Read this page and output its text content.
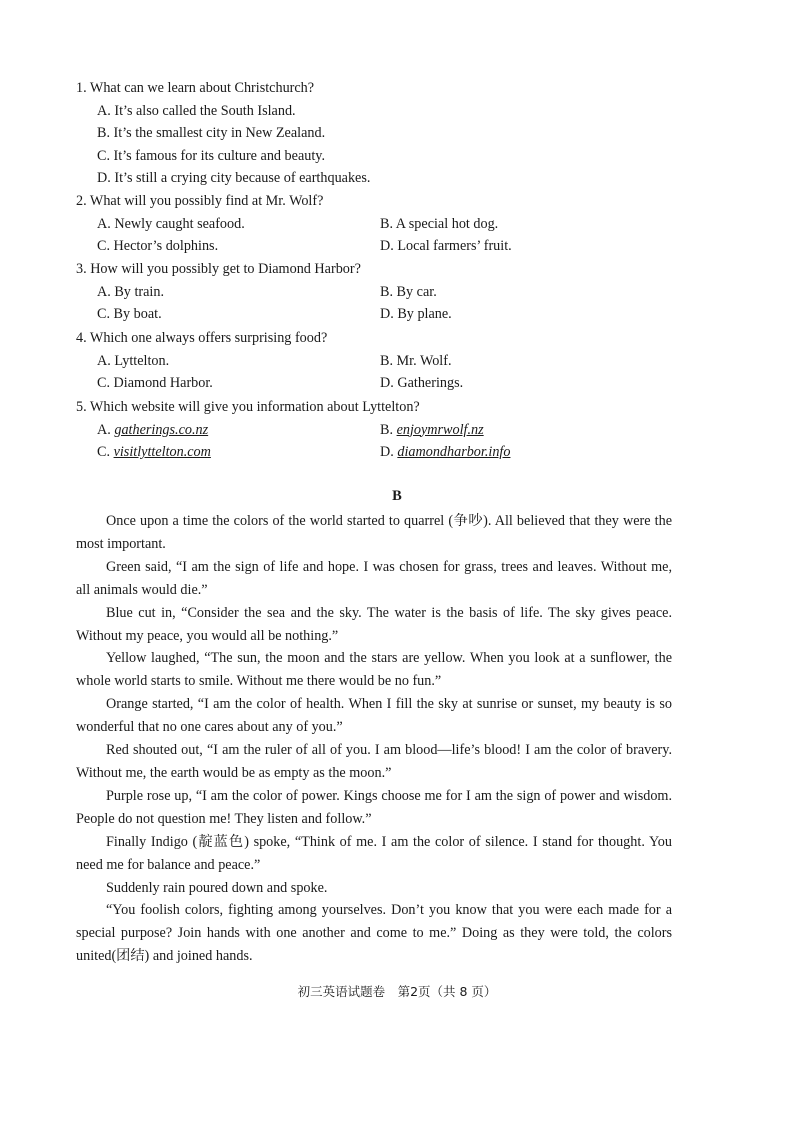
1. What can we learn about Christchurch?
A. It’s also called the South Island.
B. It’s the smallest city in New Zealand.
C. It’s famous for its culture and beauty.
D. It’s still a crying city because of earthquakes.
2. What will you possibly find at Mr. Wolf?
A. Newly caught seafood.	B. A special hot dog.
C. Hector’s dolphins.	D. Local farmers’ fruit.
3. How will you possibly get to Diamond Harbor?
A. By train.	B. By car.
C. By boat.	D. By plane.
4. Which one always offers surprising food?
A. Lyttelton.	B. Mr. Wolf.
C. Diamond Harbor.	D. Gatherings.
5. Which website will give you information about Lyttelton?
A. gatherings.co.nz	B. enjoymrwolf.nz
C. visitlyttelton.com	D. diamondharbor.info
B

Once upon a time the colors of the world started to quarrel (争吵). All believed that they were the most important.

Green said, “I am the sign of life and hope. I was chosen for grass, trees and leaves. Without me, all animals would die.”

Blue cut in, “Consider the sea and the sky. The water is the basis of life. The sky gives peace. Without my peace, you would all be nothing.”

Yellow laughed, “The sun, the moon and the stars are yellow. When you look at a sunflower, the whole world starts to smile. Without me there would be no fun.”

Orange started, “I am the color of health. When I fill the sky at sunrise or sunset, my beauty is so wonderful that no one cares about any of you.”

Red shouted out, “I am the ruler of all of you. I am blood—life’s blood! I am the color of bravery. Without me, the earth would be as empty as the moon.”

Purple rose up, “I am the color of power. Kings choose me for I am the sign of power and wisdom. People do not question me! They listen and follow.”

Finally Indigo (靛蓝色) spoke, “Think of me. I am the color of silence. I stand for thought. You need me for balance and peace.”

Suddenly rain poured down and spoke.

“You foolish colors, fighting among yourselves. Don’t you know that you were each made for a special purpose? Join hands with one another and come to me.” Doing as they were told, the colors united(团结) and joined hands.

初三英语试题卷　第2页（共 8 页）
